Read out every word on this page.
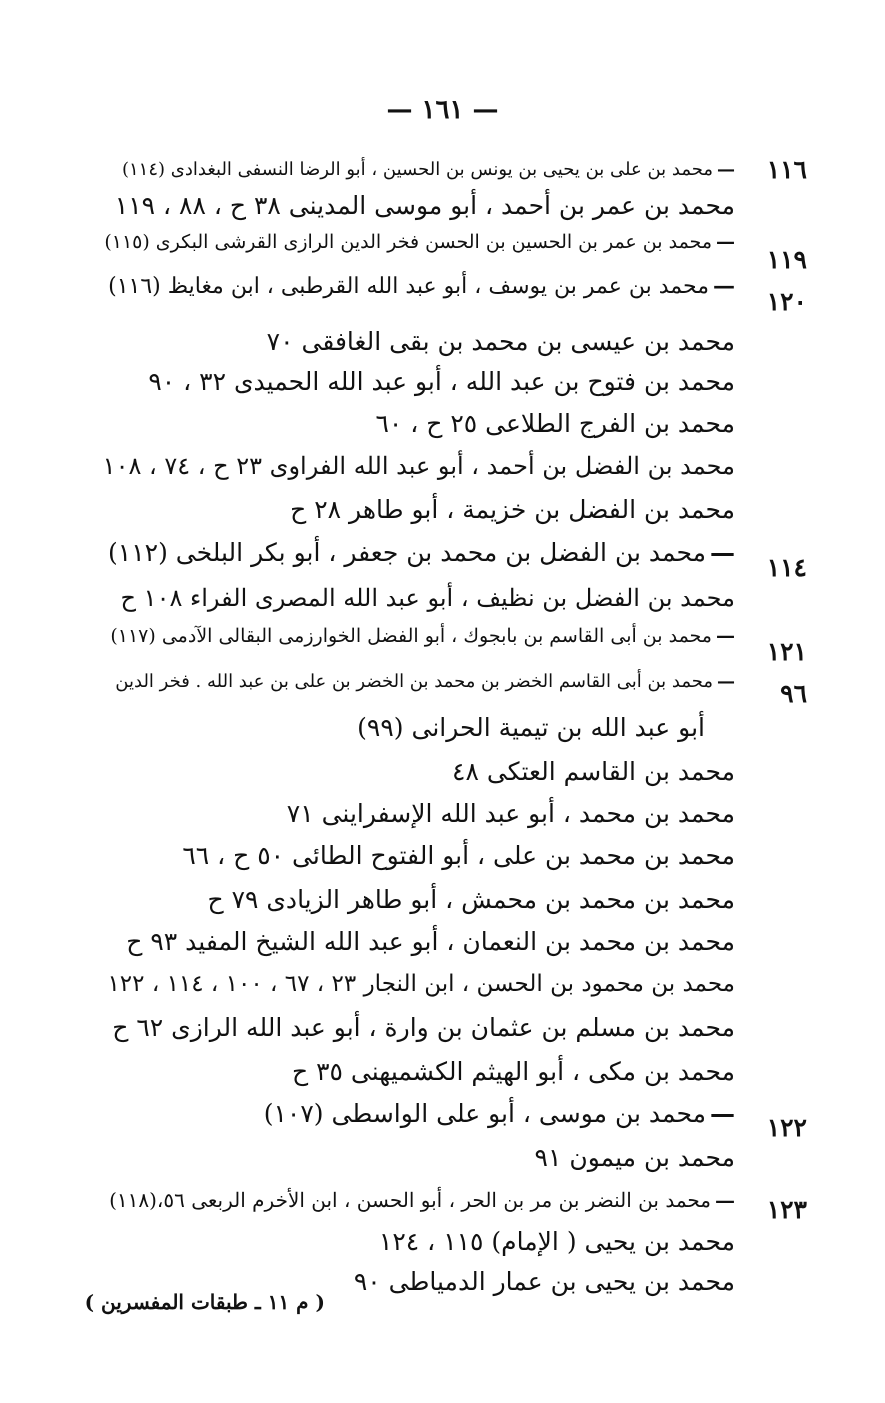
— ١٦١ —
١١٦
—محمد بن على بن يحيى بن يونس بن الحسين ، أبو الرضا النسفى البغدادى (١١٤)
محمد بن عمر بن أحمد ، أبو موسى المدينى ٣٨ ح ، ٨٨ ، ١١٩
١١٩
—محمد بن عمر بن الحسين بن الحسن فخر الدين الرازى القرشى البكرى (١١٥)
١٢٠
—محمد بن عمر بن يوسف ، أبو عبد الله القرطبى ، ابن مغايظ (١١٦)
محمد بن عيسى بن محمد بن بقى الغافقى ٧٠
محمد بن فتوح بن عبد الله ، أبو عبد الله الحميدى ٣٢ ، ٩٠
محمد بن الفرج الطلاعى ٢٥ ح ، ٦٠
محمد بن الفضل بن أحمد ، أبو عبد الله الفراوى ٢٣ ح ، ٧٤ ، ١٠٨
محمد بن الفضل بن خزيمة ، أبو طاهر ٢٨ ح
١١٤
—محمد بن الفضل بن محمد بن جعفر ، أبو بكر البلخى (١١٢)
محمد بن الفضل بن نظيف ، أبو عبد الله المصرى الفراء ١٠٨ ح
١٢١
—محمد بن أبى القاسم بن بابجوك ، أبو الفضل الخوارزمى البقالى الآدمى (١١٧)
٩٦
—محمد بن أبى القاسم الخضر بن محمد بن الخضر بن على بن عبد الله . فخر الدين
أبو عبد الله بن تيمية الحرانى (٩٩)
محمد بن القاسم العتكى ٤٨
محمد بن محمد ، أبو عبد الله الإسفراينى ٧١
محمد بن محمد بن على ، أبو الفتوح الطائى ٥٠ ح ، ٦٦
محمد بن محمد بن محمش ، أبو طاهر الزيادى ٧٩ ح
محمد بن محمد بن النعمان ، أبو عبد الله الشيخ المفيد ٩٣ ح
محمد بن محمود بن الحسن ، ابن النجار ٢٣ ، ٦٧ ، ١٠٠ ، ١١٤ ، ١٢٢
محمد بن مسلم بن عثمان بن وارة ، أبو عبد الله الرازى ٦٢ ح
محمد بن مكى ، أبو الهيثم الكشميهنى ٣٥ ح
١٢٢
—محمد بن موسى ، أبو على الواسطى (١٠٧)
محمد بن ميمون ٩١
١٢٣
—محمد بن النضر بن مر بن الحر ، أبو الحسن ، ابن الأخرم الربعى ٥٦،(١١٨)
محمد بن يحيى ( الإمام) ١١٥ ، ١٢٤
محمد بن يحيى بن عمار الدمياطى ٩٠
( م ١١ ـ طبقات المفسرين )
